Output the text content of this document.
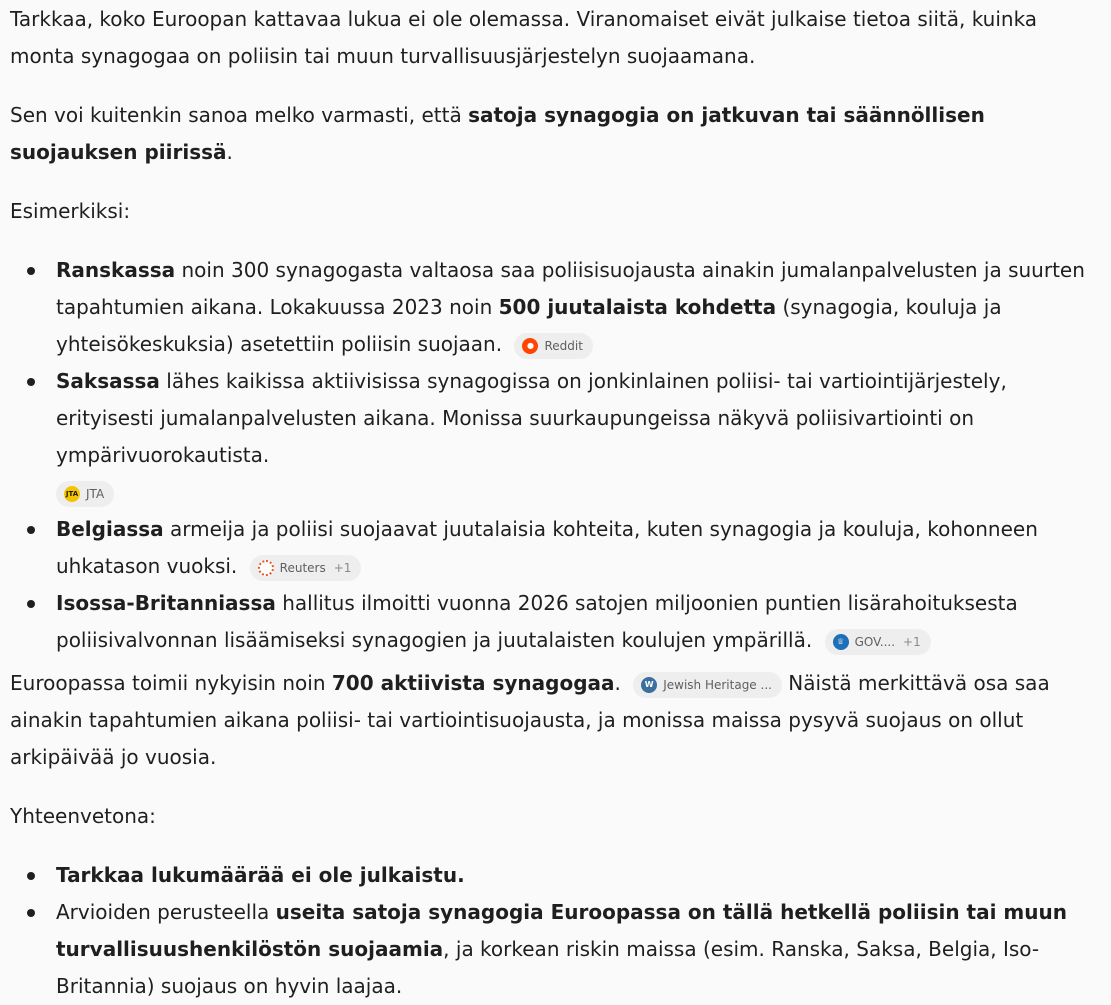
Tarkkaa, koko Euroopan kattavaa lukua ei ole olemassa. Viranomaiset eivät julkaise tietoa siitä, kuinka monta synagogaa on poliisin tai muun turvallisuusjärjestelyn suojaamana.

Sen voi kuitenkin sanoa melko varmasti, että satoja synagogia on jatkuvan tai säännöllisen suojauksen piirissä.

Esimerkiksi:

Ranskassa noin 300 synagogasta valtaosa saa poliisisuojausta ainakin jumalanpalvelusten ja suurten tapahtumien aikana. Lokakuussa 2023 noin 500 juutalaista kohdetta (synagogia, kouluja ja yhteisökeskuksia) asetettiin poliisin suojaan.	● Reddit
Saksassa lähes kaikissa aktiivisissa synagogissa on jonkinlainen poliisi- tai vartiointijärjestely, erityisesti jumalanpalvelusten aikana. Monissa suurkaupungeissa näkyvä poliisivartiointi on ympärivuorokautista.
JTA JTA
Belgiassa armeija ja poliisi suojaavat juutalaisia kohteita, kuten synagogia ja kouluja, kohonneen uhkatason vuoksi.	Reuters +1
Isossa-Britanniassa hallitus ilmoitti vuonna 2026 satojen miljoonien puntien lisärahoituksesta poliisivalvonnan lisäämiseksi synagogien ja juutalaisten koulujen ympärillä.	♕ GOV.... +1

Euroopassa toimii nykyisin noin 700 aktiivista synagogaa.	W Jewish Heritage ... Näistä merkittävä osa saa ainakin tapahtumien aikana poliisi- tai vartiointisuojausta, ja monissa maissa pysyvä suojaus on ollut arkipäivää jo vuosia.

Yhteenvetona:

Tarkkaa lukumäärää ei ole julkaistu.
Arvioiden perusteella useita satoja synagogia Euroopassa on tällä hetkellä poliisin tai muun turvallisuushenkilöstön suojaamia, ja korkean riskin maissa (esim. Ranska, Saksa, Belgia, Iso-Britannia) suojaus on hyvin laajaa.
